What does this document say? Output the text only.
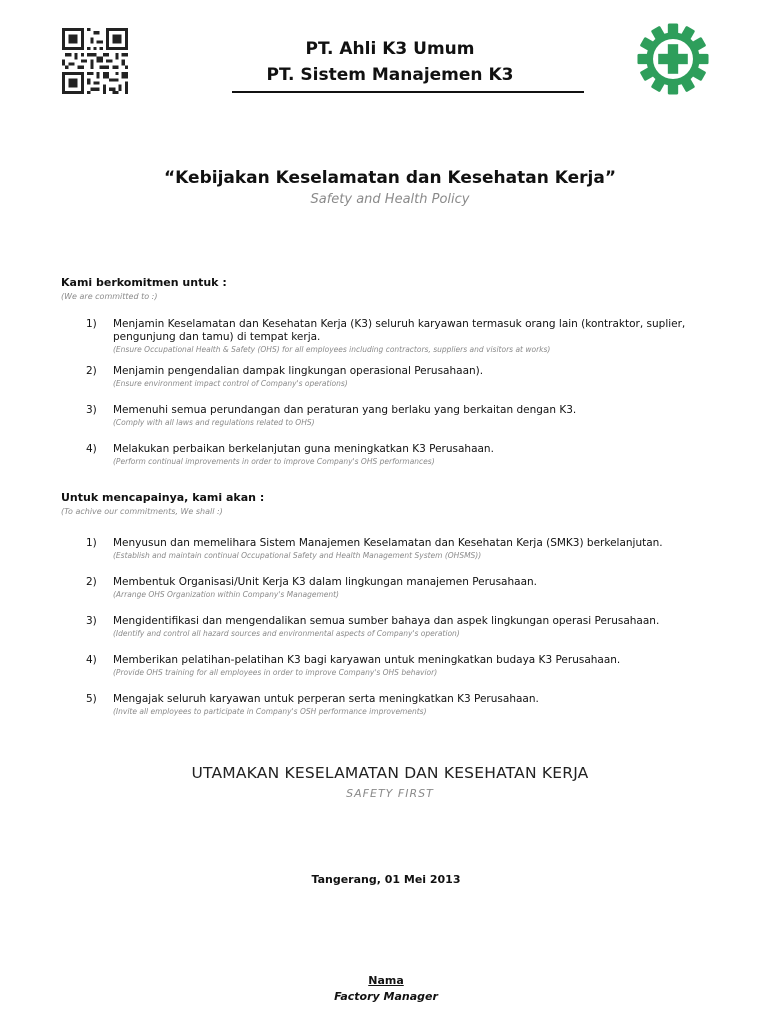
PT. Ahli K3 Umum
PT. Sistem Manajemen K3
“Kebijakan Keselamatan dan Kesehatan Kerja”
Safety and Health Policy
Kami berkomitmen untuk :
(We are committed to :)
1) Menjamin Keselamatan dan Kesehatan Kerja (K3) seluruh karyawan termasuk orang lain (kontraktor, suplier, pengunjung dan tamu) di tempat kerja.
(Ensure Occupational Health & Safety (OHS) for all employees including contractors, suppliers and visitors at works)
2) Menjamin pengendalian dampak lingkungan operasional Perusahaan).
(Ensure environment impact control of Company's operations)
3) Memenuhi semua perundangan dan peraturan yang berlaku yang berkaitan dengan K3.
(Comply with all laws and regulations related to OHS)
4) Melakukan perbaikan berkelanjutan guna meningkatkan K3 Perusahaan.
(Perform continual improvements in order to improve Company's OHS performances)
Untuk mencapainya, kami akan :
(To achive our commitments, We shall :)
1) Menyusun dan memelihara Sistem Manajemen Keselamatan dan Kesehatan Kerja (SMK3) berkelanjutan.
(Establish and maintain continual Occupational Safety and Health Management System (OHSMS))
2) Membentuk Organisasi/Unit Kerja K3 dalam lingkungan manajemen Perusahaan.
(Arrange OHS Organization within Company's Management)
3) Mengidentifikasi dan mengendalikan semua sumber bahaya dan aspek lingkungan operasi Perusahaan.
(Identify and control all hazard sources and environmental aspects of Company's operation)
4) Memberikan pelatihan-pelatihan K3 bagi karyawan untuk meningkatkan budaya K3 Perusahaan.
(Provide OHS training for all employees in order to improve Company's OHS behavior)
5) Mengajak seluruh karyawan untuk perperan serta meningkatkan K3 Perusahaan.
(Invite all employees to participate in Company's OSH performance improvements)
UTAMAKAN KESELAMATAN DAN KESEHATAN KERJA
SAFETY FIRST
Tangerang, 01 Mei 2013
Nama
Factory Manager
